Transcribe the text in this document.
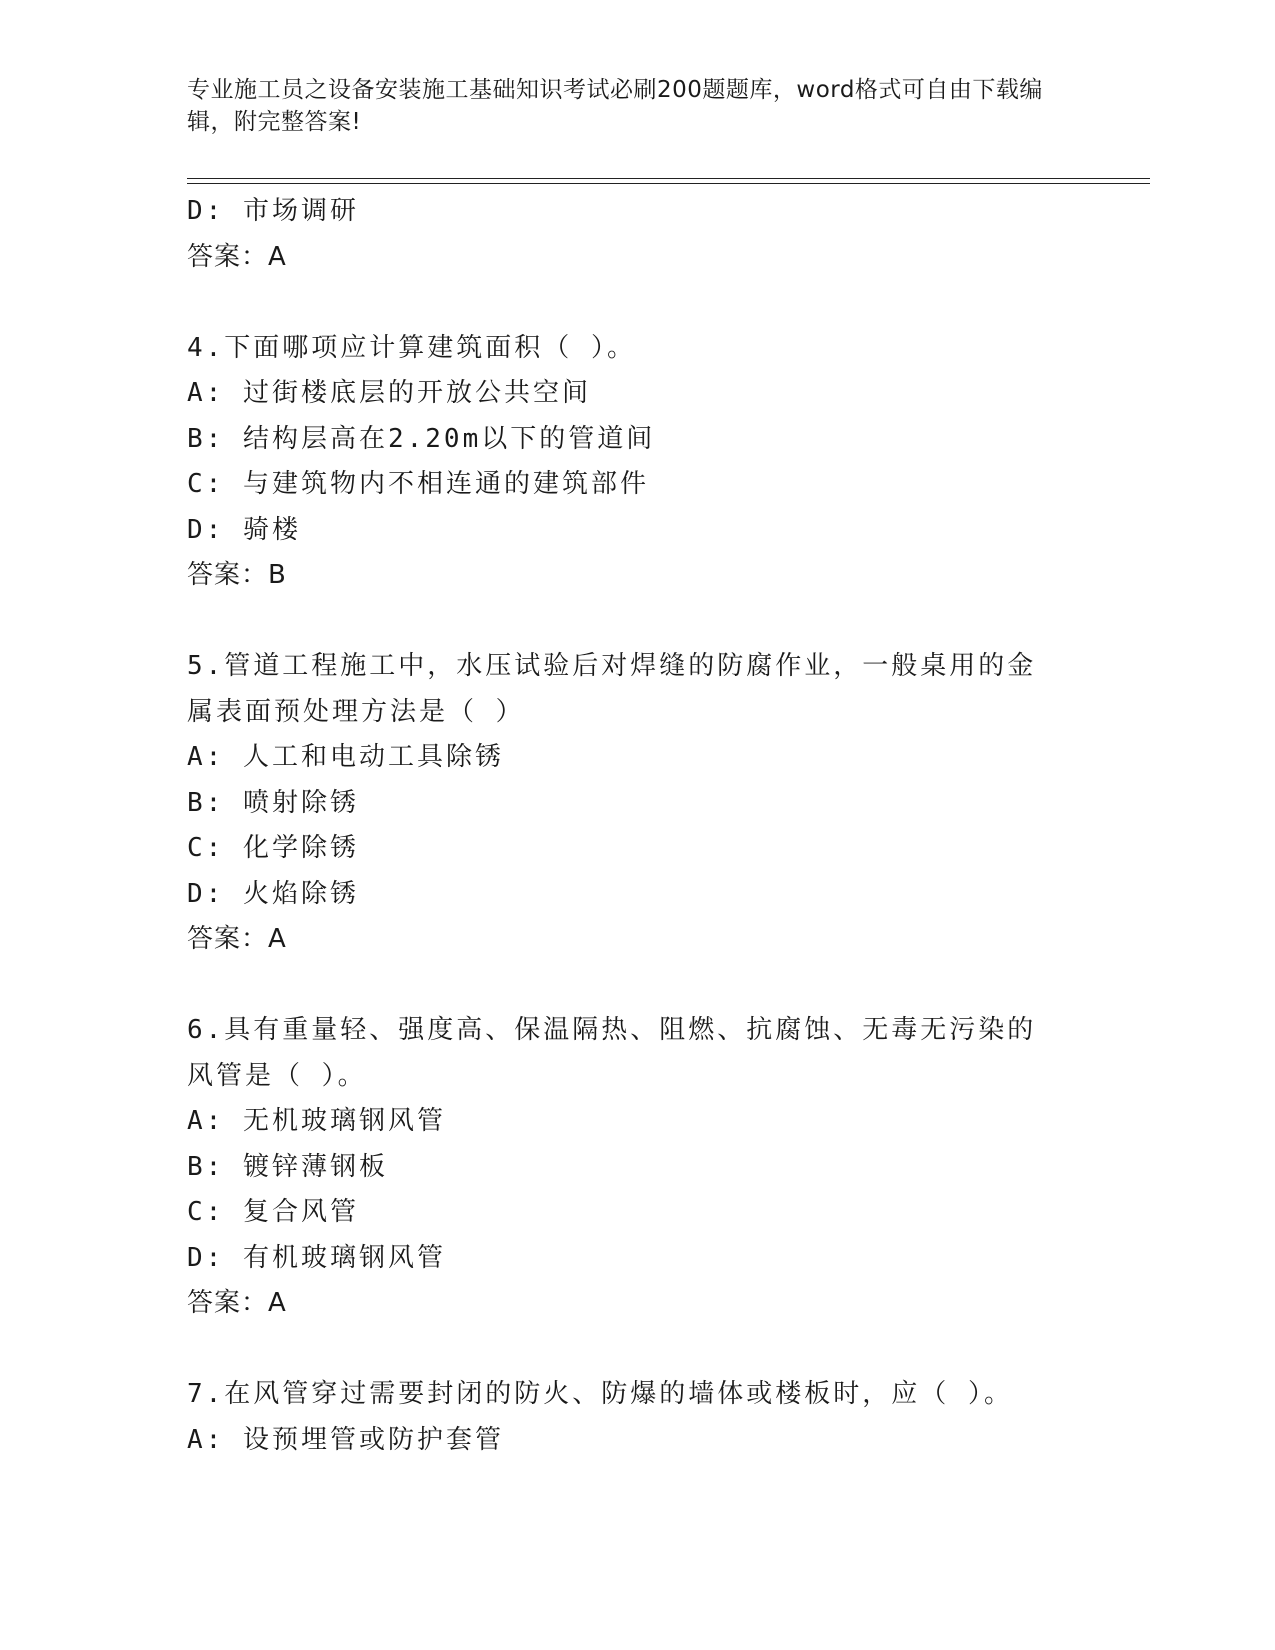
专业施工员之设备安装施工基础知识考试必刷200题题库，word格式可自由下载编辑，附完整答案!
D: 市场调研
答案：A
4.下面哪项应计算建筑面积（ ）。
A: 过街楼底层的开放公共空间
B: 结构层高在2.20m以下的管道间
C: 与建筑物内不相连通的建筑部件
D: 骑楼
答案：B
5.管道工程施工中，水压试验后对焊缝的防腐作业，一般桌用的金属表面预处理方法是（ ）
A: 人工和电动工具除锈
B: 喷射除锈
C: 化学除锈
D: 火焰除锈
答案：A
6.具有重量轻、强度高、保温隔热、阻燃、抗腐蚀、无毒无污染的风管是（ ）。
A: 无机玻璃钢风管
B: 镀锌薄钢板
C: 复合风管
D: 有机玻璃钢风管
答案：A
7.在风管穿过需要封闭的防火、防爆的墙体或楼板时，应（ ）。
A: 设预埋管或防护套管
